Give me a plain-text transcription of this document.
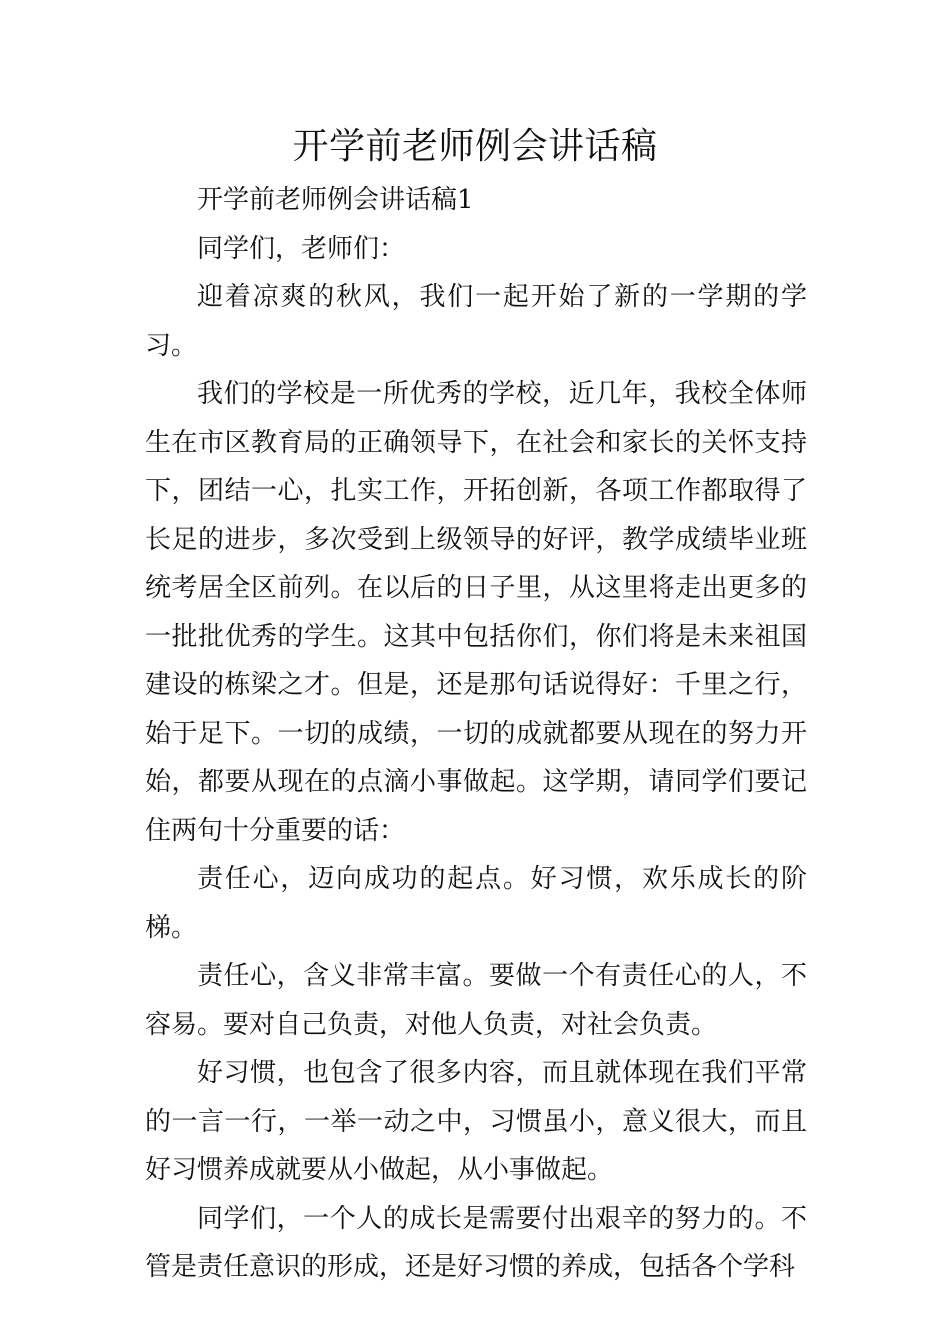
开学前老师例会讲话稿

开学前老师例会讲话稿1

同学们，老师们：

迎着凉爽的秋风，我们一起开始了新的一学期的学习。

我们的学校是一所优秀的学校，近几年，我校全体师生在市区教育局的正确领导下，在社会和家长的关怀支持下，团结一心，扎实工作，开拓创新，各项工作都取得了长足的进步，多次受到上级领导的好评，教学成绩毕业班统考居全区前列。在以后的日子里，从这里将走出更多的一批批优秀的学生。这其中包括你们，你们将是未来祖国建设的栋梁之才。但是，还是那句话说得好：千里之行，始于足下。一切的成绩，一切的成就都要从现在的努力开始，都要从现在的点滴小事做起。这学期，请同学们要记住两句十分重要的话：

责任心，迈向成功的起点。好习惯，欢乐成长的阶梯。

责任心，含义非常丰富。要做一个有责任心的人，不容易。要对自己负责，对他人负责，对社会负责。

好习惯，也包含了很多内容，而且就体现在我们平常的一言一行，一举一动之中，习惯虽小，意义很大，而且好习惯养成就要从小做起，从小事做起。

同学们，一个人的成长是需要付出艰辛的努力的。不管是责任意识的形成，还是好习惯的养成，包括各个学科
